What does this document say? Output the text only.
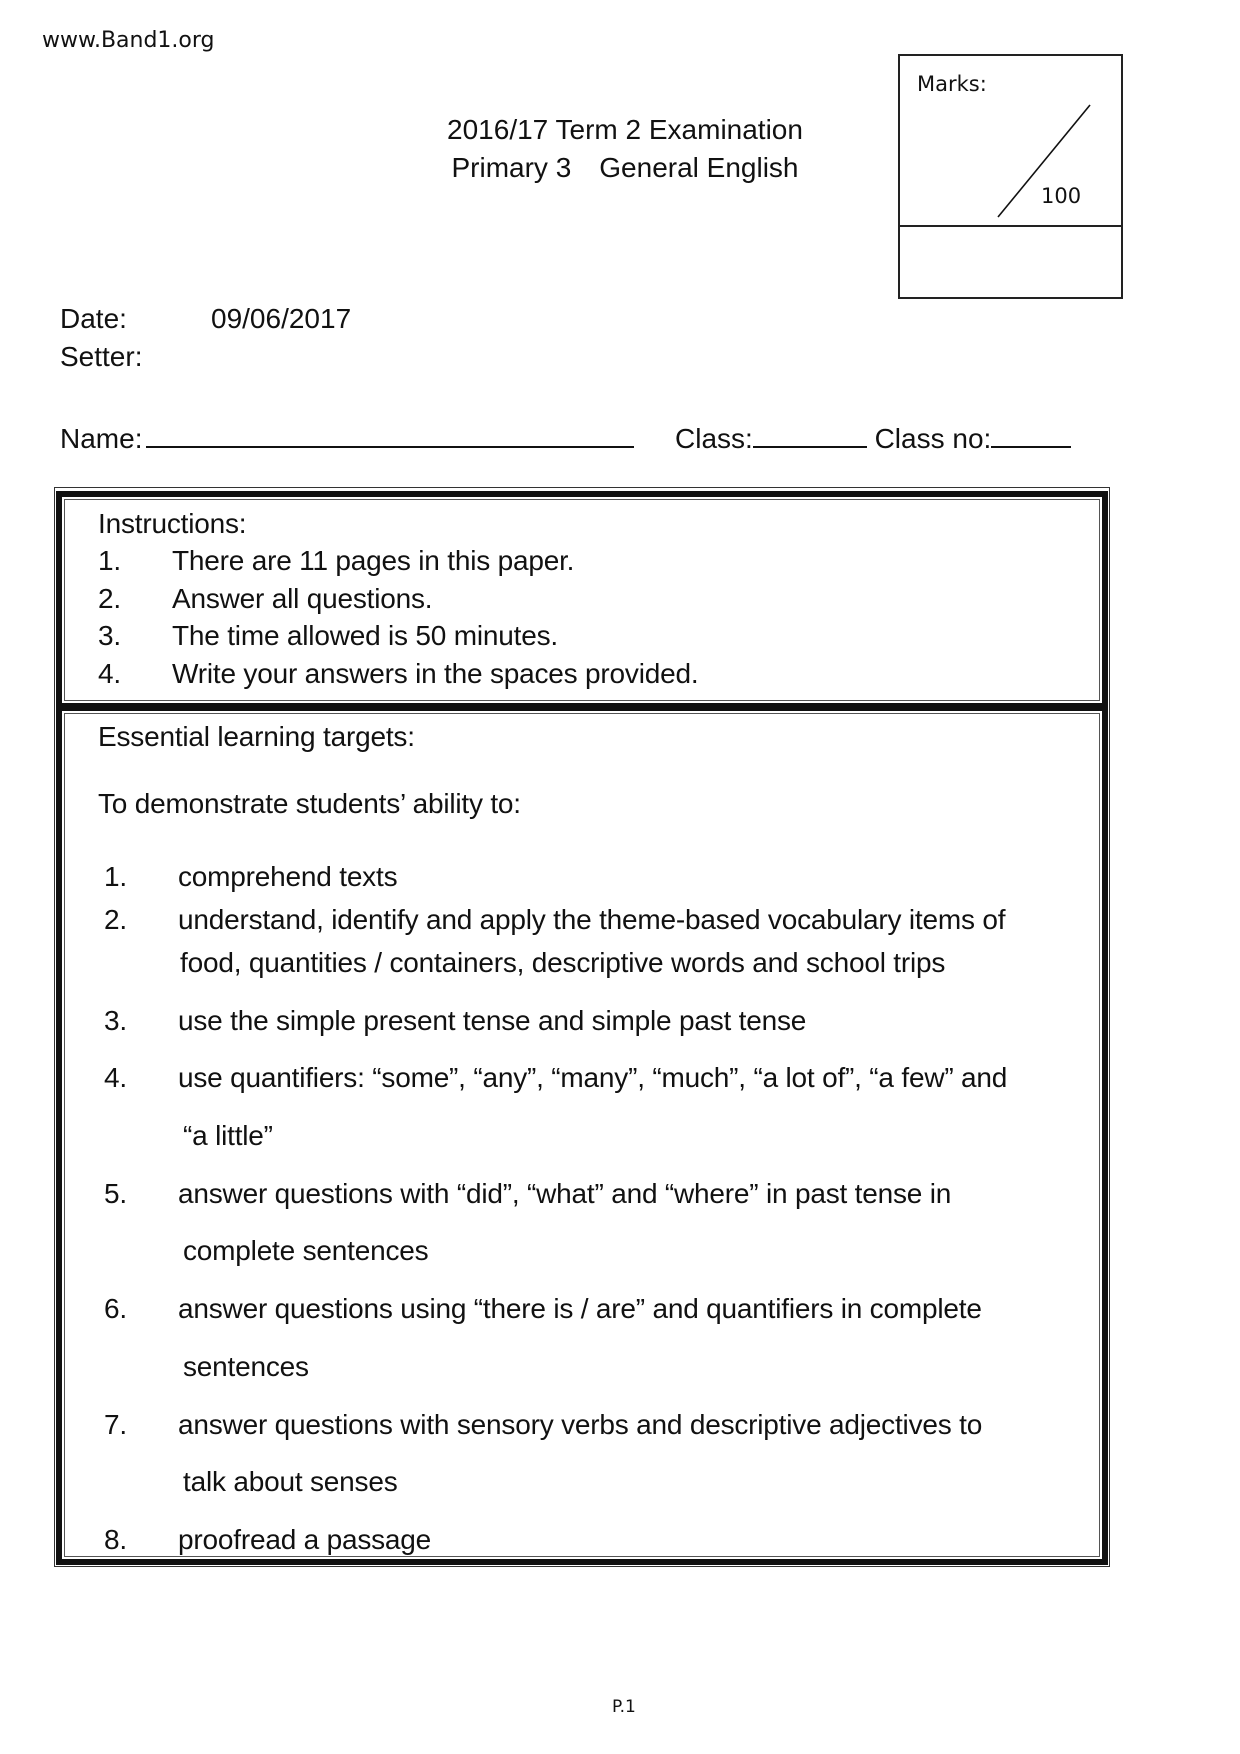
www.Band1.org
2016/17 Term 2 Examination
Primary 3 General English
Marks:
100
Date:	09/06/2017
Setter:
Name:	Class:	Class no:
Instructions:
1. There are 11 pages in this paper.
2. Answer all questions.
3. The time allowed is 50 minutes.
4. Write your answers in the spaces provided.
Essential learning targets:
To demonstrate students’ ability to:
1. comprehend texts
2. understand, identify and apply the theme-based vocabulary items of
food, quantities / containers, descriptive words and school trips
3. use the simple present tense and simple past tense
4. use quantifiers: “some”, “any”, “many”, “much”, “a lot of”, “a few” and
“a little”
5. answer questions with “did”, “what” and “where” in past tense in
complete sentences
6. answer questions using “there is / are” and quantifiers in complete
sentences
7. answer questions with sensory verbs and descriptive adjectives to
talk about senses
8. proofread a passage
P.1
